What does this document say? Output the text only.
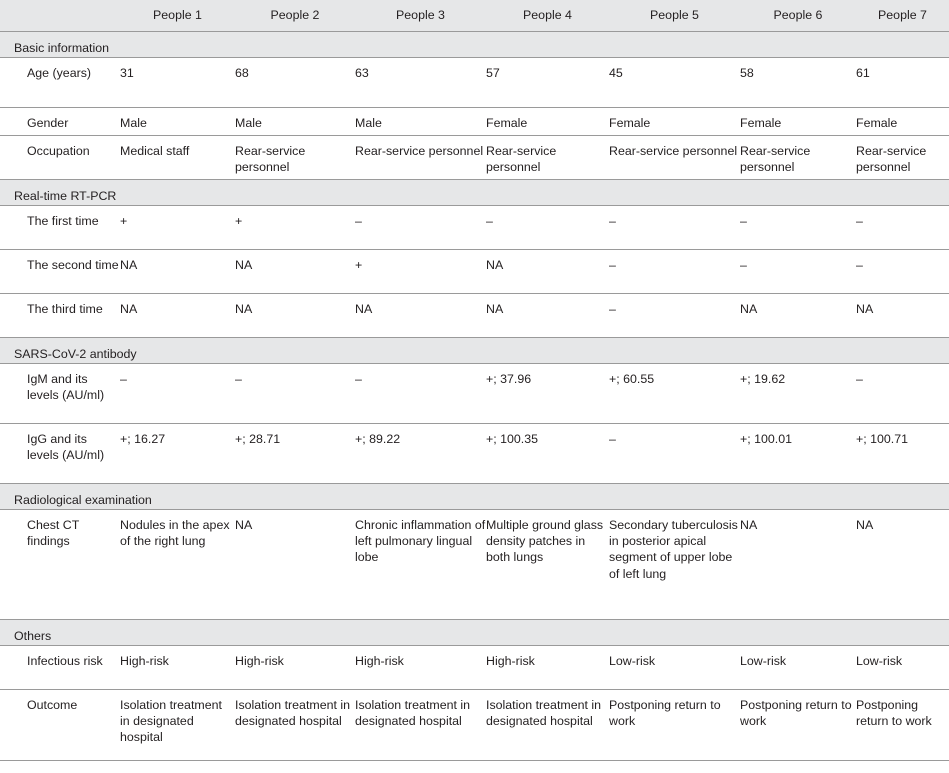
	People 1	People 2	People 3	People 4	People 5	People 6	People 7
Basic information							

Age (years)	31	68	63	57	45	58	61

Gender	Male	Male	Male	Female	Female	Female	Female

Occupation	Medical staff	Rear-service personnel	Rear-service personnel	Rear-service personnel	Rear-service personnel	Rear-service personnel	Rear-service personnel

Real-time RT-PCR							

The first time	+	+	–	–	–	–	–

The second time	NA	NA	+	NA	–	–	–

The third time	NA	NA	NA	NA	–	NA	NA

SARS-CoV-2 antibody							

IgM and its levels (AU/ml)	–	–	–	+; 37.96	+; 60.55	+; 19.62	–

IgG and its levels (AU/ml)	+; 16.27	+; 28.71	+; 89.22	+; 100.35	–	+; 100.01	+; 100.71

Radiological examination							

Chest CT findings	Nodules in the apex of the right lung	NA	Chronic inflammation of left pulmonary lingual lobe	Multiple ground glass density patches in both lungs	Secondary tuberculosis in posterior apical segment of upper lobe of left lung	NA	NA

Others							

Infectious risk	High-risk	High-risk	High-risk	High-risk	Low-risk	Low-risk	Low-risk

Outcome	Isolation treatment in designated hospital	Isolation treatment in designated hospital	Isolation treatment in designated hospital	Isolation treatment in designated hospital	Postponing return to work	Postponing return to work	Postponing return to work
